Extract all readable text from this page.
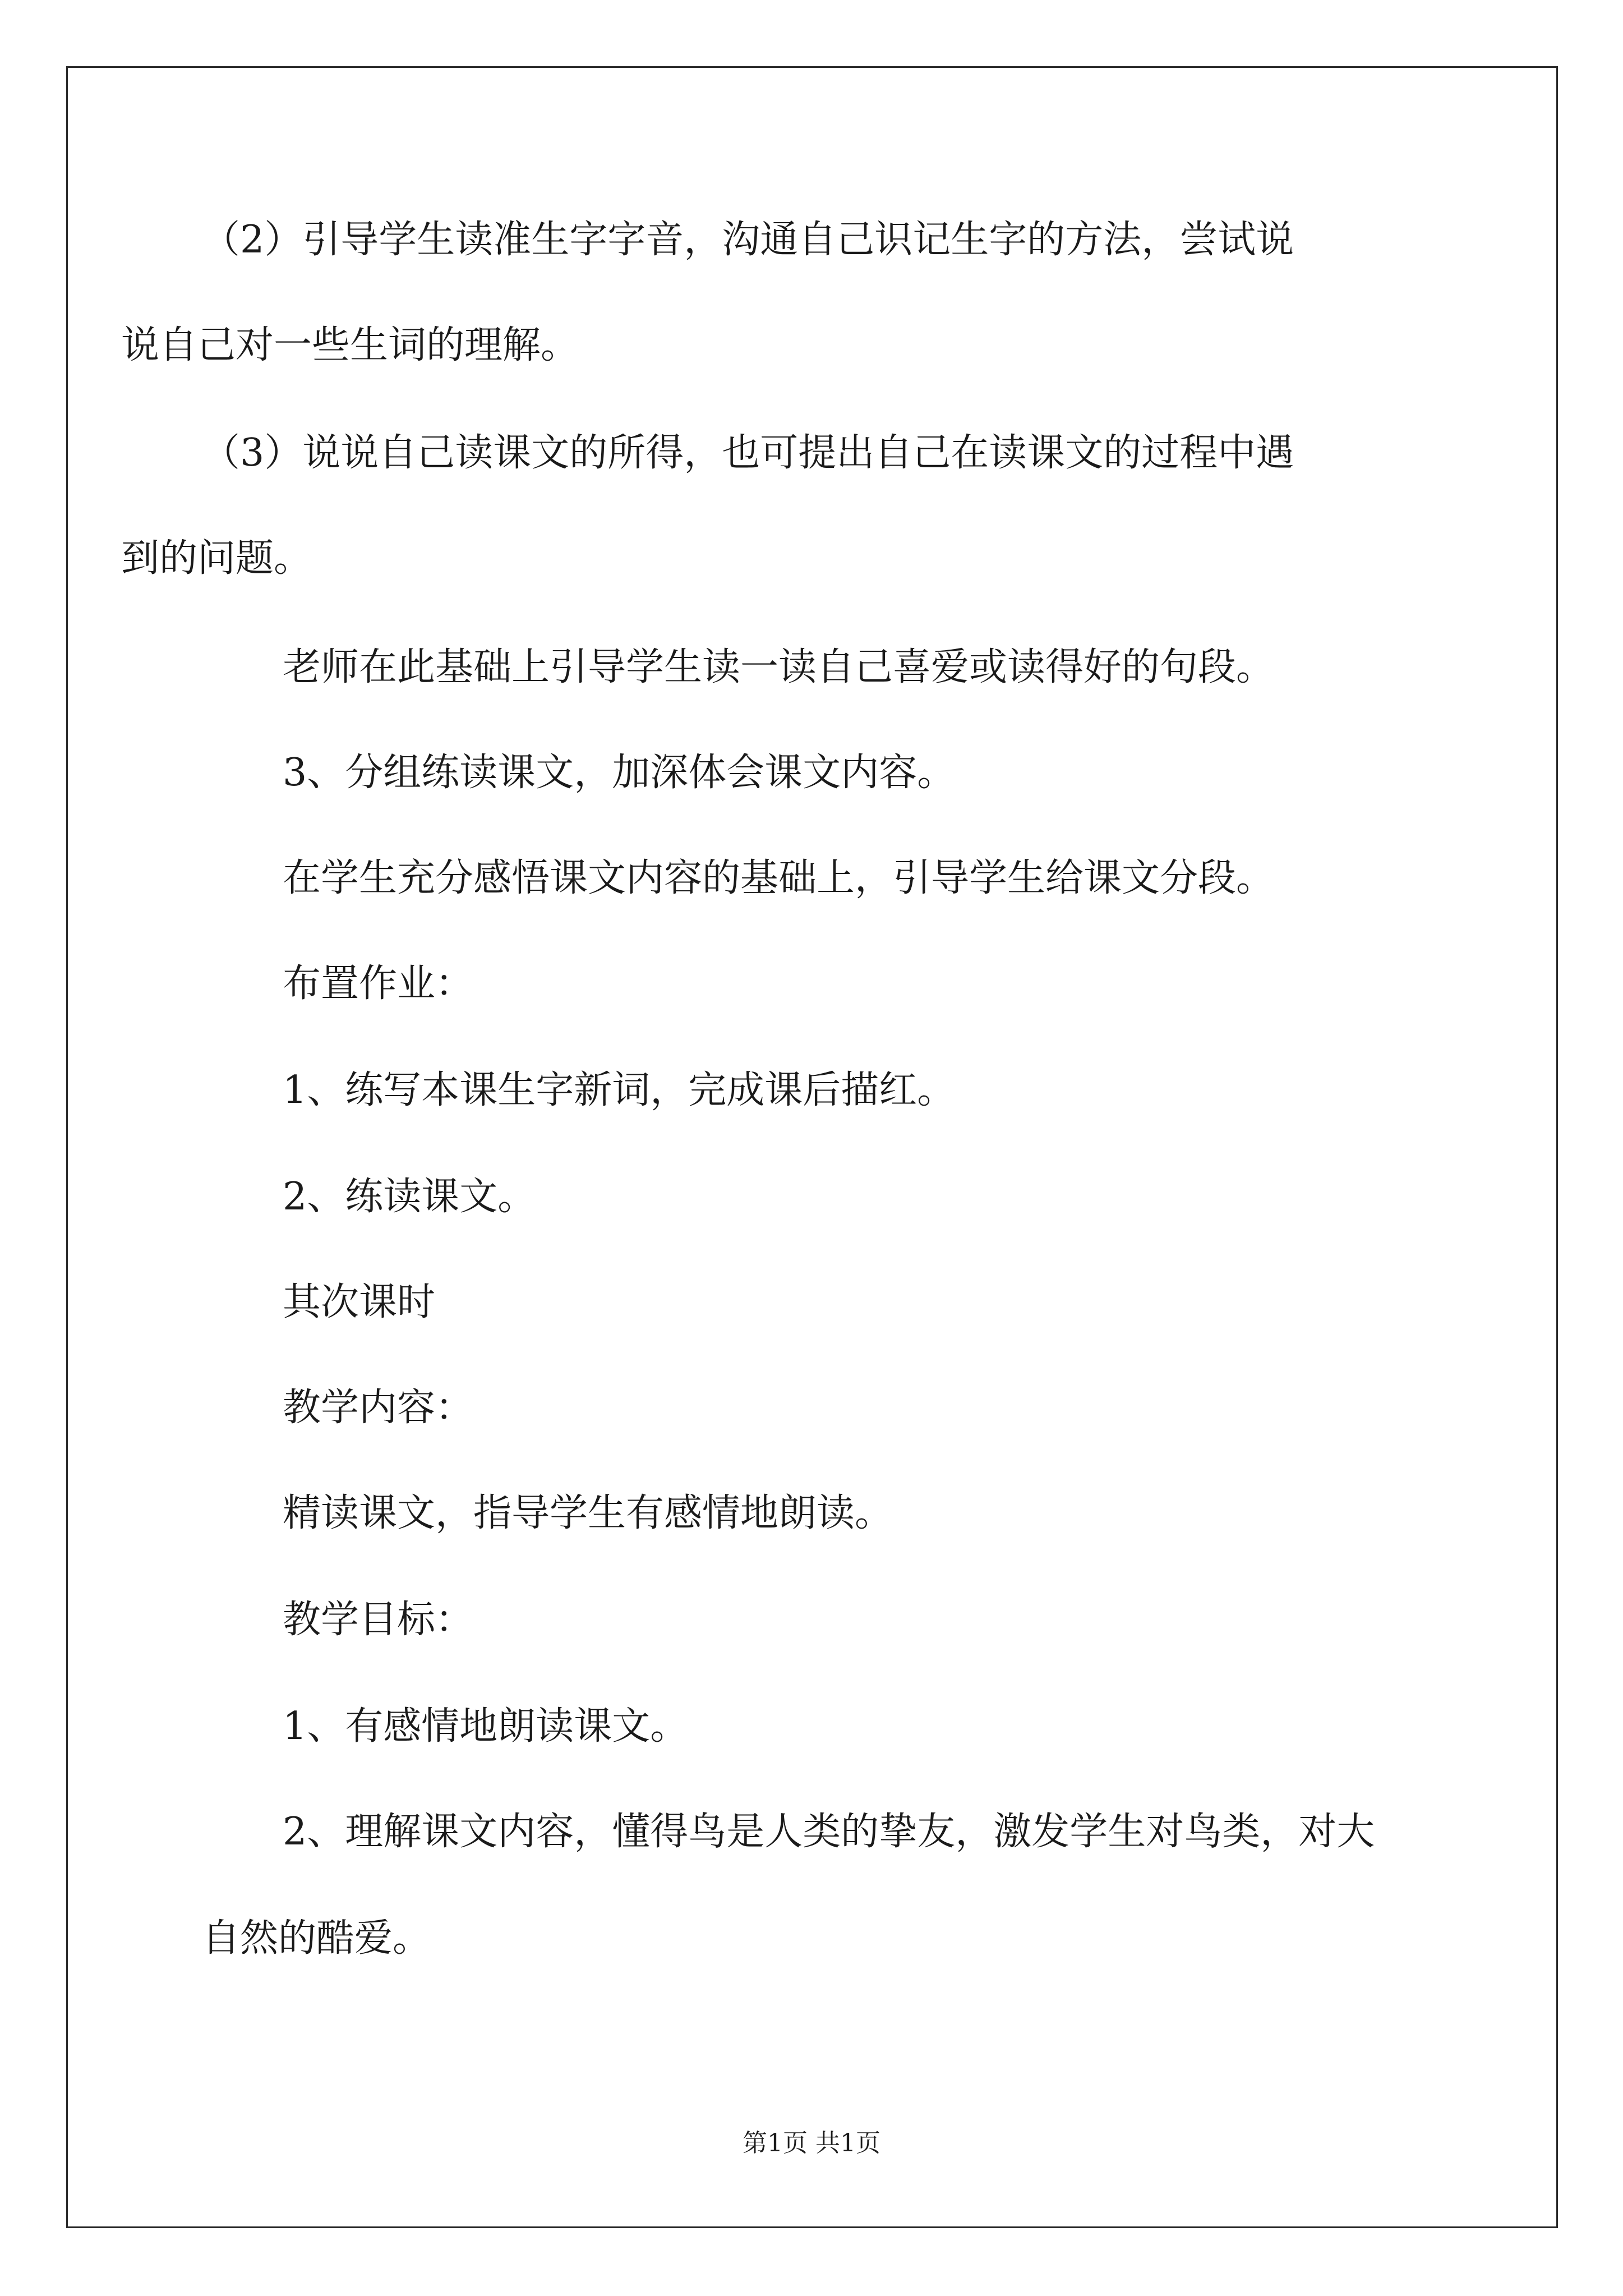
（2）引导学生读准生字字音，沟通自己识记生字的方法，尝试说

说自己对一些生词的理解。

（3）说说自己读课文的所得，也可提出自己在读课文的过程中遇

到的问题。

老师在此基础上引导学生读一读自己喜爱或读得好的句段。

3、分组练读课文，加深体会课文内容。

在学生充分感悟课文内容的基础上，引导学生给课文分段。

布置作业：

1、练写本课生字新词，完成课后描红。

2、练读课文。

其次课时

教学内容：

精读课文，指导学生有感情地朗读。

教学目标：

1、有感情地朗读课文。

2、理解课文内容，懂得鸟是人类的挚友，激发学生对鸟类，对大

自然的酷爱。

第1页 共1页
